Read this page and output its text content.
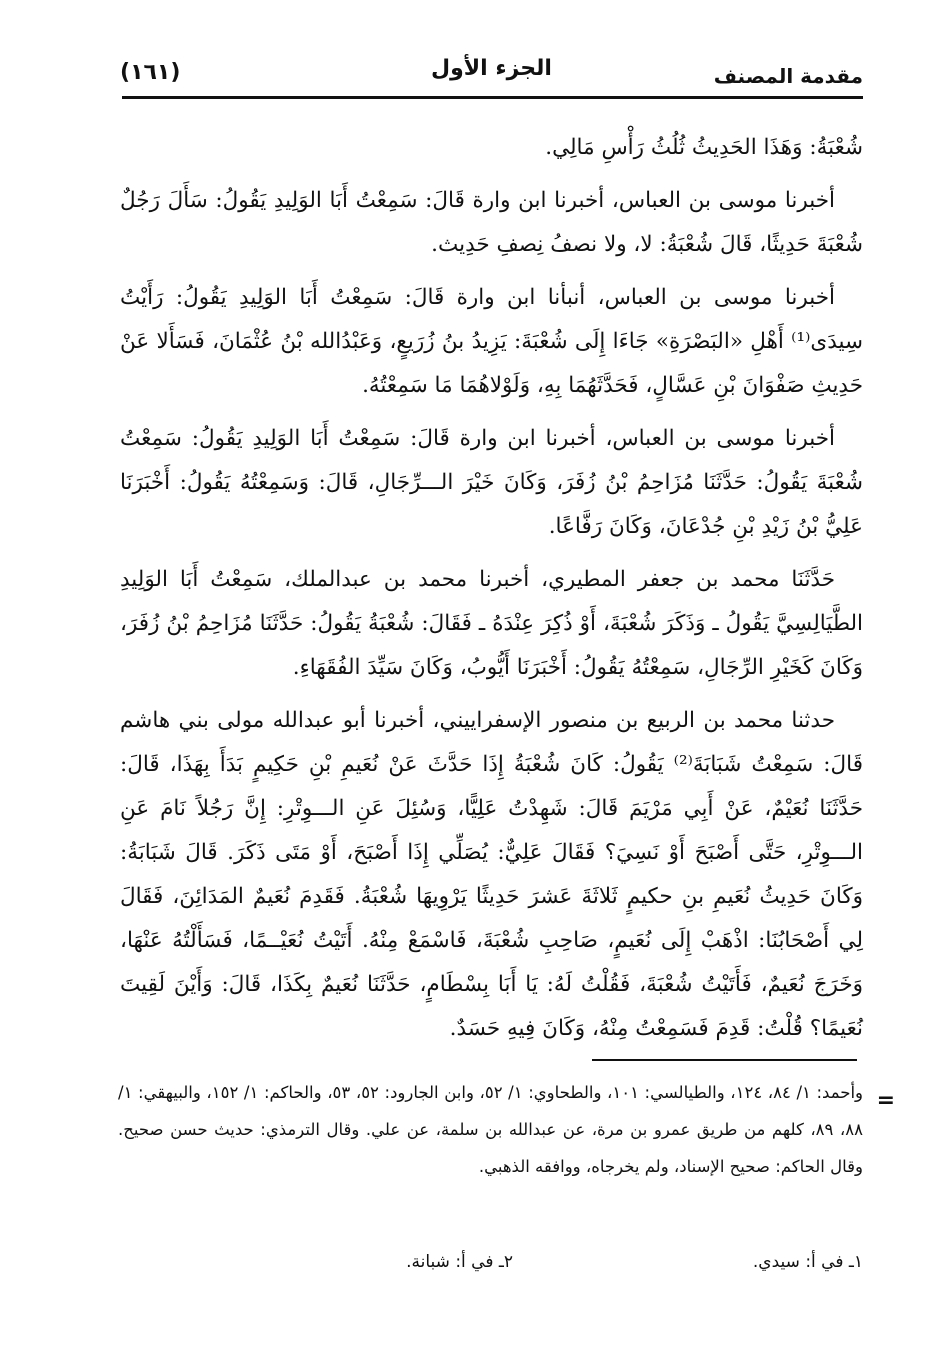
(١٦١)	الجزء الأول	مقدمة المصنف

شُعْبَةُ: وَهَذَا الحَدِيثُ ثُلُثُ رَأْسِ مَالِي.

أخبرنا موسى بن العباس، أخبرنا ابن وارة قَالَ: سَمِعْتُ أَبَا الوَلِيدِ يَقُولُ: سَأَلَ رَجُلٌ شُعْبَةَ حَدِيثًا، قَالَ شُعْبَةُ: لا، ولا نصفُ نِصفِ حَدِيث.

أخبرنا موسى بن العباس، أنبأنا ابن وارة قَالَ: سَمِعْتُ أَبَا الوَلِيدِ يَقُولُ: رَأَيْتُ سِيدَى⁽¹⁾ أَهْلِ «البَصْرَةِ» جَاءَا إِلَى شُعْبَةَ: يَزِيدُ بنُ زُرَيعٍ، وَعَبْدُالله بْنُ عُثْمَانَ، فَسَأَلا عَنْ حَدِيثِ صَفْوَانَ بْنِ عَسَّالٍ، فَحَدَّثَهُمَا بِهِ، وَلَوْلاهُمَا مَا سَمِعْتُهُ.

أخبرنا موسى بن العباس، أخبرنا ابن وارة قَالَ: سَمِعْتُ أَبَا الوَلِيدِ يَقُولُ: سَمِعْتُ شُعْبَةَ يَقُولُ: حَدَّثَنَا مُزَاحِمُ بْنُ زُفَرَ، وَكَانَ خَيْرَ الـــرِّجَالِ، قَالَ: وَسَمِعْتُهُ يَقُولُ: أَخْبَرَنَا عَلِيُّ بْنُ زَيْدِ بْنِ جُدْعَانَ، وَكَانَ رَفَّاعًا.

حَدَّثَنَا محمد بن جعفر المطيري، أخبرنا محمد بن عبدالملك، سَمِعْتُ أَبَا الوَلِيدِ الطَّيَالِسِيَّ يَقُولُ ـ وَذَكَرَ شُعْبَةَ، أَوْ ذُكِرَ عِنْدَهُ ـ فَقَالَ: شُعْبَةُ يَقُولُ: حَدَّثَنَا مُزَاحِمُ بْنُ زُفَرَ، وَكَانَ كَخَيْرِ الرِّجَالِ، سَمِعْتُهُ يَقُولُ: أَخْبَرَنَا أَيُّوبُ، وَكَانَ سَيِّدَ الفُقَهَاءِ.

حدثنا محمد بن الربيع بن منصور الإسفراييني، أخبرنا أبو عبدالله مولى بني هاشم قَالَ: سَمِعْتُ شَبَابَةَ⁽²⁾ يَقُولُ: كَانَ شُعْبَةُ إِذَا حَدَّثَ عَنْ نُعَيمِ بْنِ حَكِيمٍ بَدَأَ بِهَذَا، قَالَ: حَدَّثَنَا نُعَيْمٌ، عَنْ أَبِي مَرْيَمَ قَالَ: شَهِدْتُ عَلِيًّا، وَسُئِلَ عَنِ الـــوِتْرِ: إِنَّ رَجُلاً نَامَ عَنِ الـــوِتْرِ، حَتَّى أَصْبَحَ أَوْ نَسِيَ؟ فَقَالَ عَلِيٌّ: يُصَلِّي إِذَا أَصْبَحَ، أَوْ مَتَى ذَكَرَ. قَالَ شَبَابَةُ: وَكَانَ حَدِيثُ نُعَيمِ بنِ حكيمٍ ثَلاثَةَ عَشرَ حَدِيثًا يَرْوِيهَا شُعْبَةُ. فَقَدِمَ نُعَيمٌ المَدَائِنَ، فَقَالَ لِي أَصْحَابُنَا: اذْهَبْ إِلَى نُعَيمٍ، صَاحِبِ شُعْبَةَ، فَاسْمَعْ مِنْهُ. أَتَيْتُ نُعَيْــمًا، فَسَأَلْتُهُ عَنْهَا، وَخَرَجَ نُعَيمٌ، فَأَتَيْتُ شُعْبَةَ، فَقُلْتُ لَهُ: يَا أَبَا بِسْطَامٍ، حَدَّثَنَا نُعَيمٌ بِكَذَا، قَالَ: وَأَيْنَ لَقِيتَ نُعَيمًا؟ قُلْتُ: قَدِمَ فَسَمِعْتُ مِنْهُ، وَكَانَ فِيهِ حَسَدٌ.

=

وأحمد: ١/ ٨٤، ١٢٤، والطيالسي: ١٠١، والطحاوي: ١/ ٥٢، وابن الجارود: ٥٢، ٥٣، والحاكم: ١/ ١٥٢، والبيهقي: ١/ ٨٨، ٨٩، كلهم من طريق عمرو بن مرة، عن عبدالله بن سلمة، عن علي. وقال الترمذي: حديث حسن صحيح. وقال الحاكم: صحيح الإسناد، ولم يخرجاه، ووافقه الذهبي.

١ـ في أ: سيدي.
٢ـ في أ: شبانة.
